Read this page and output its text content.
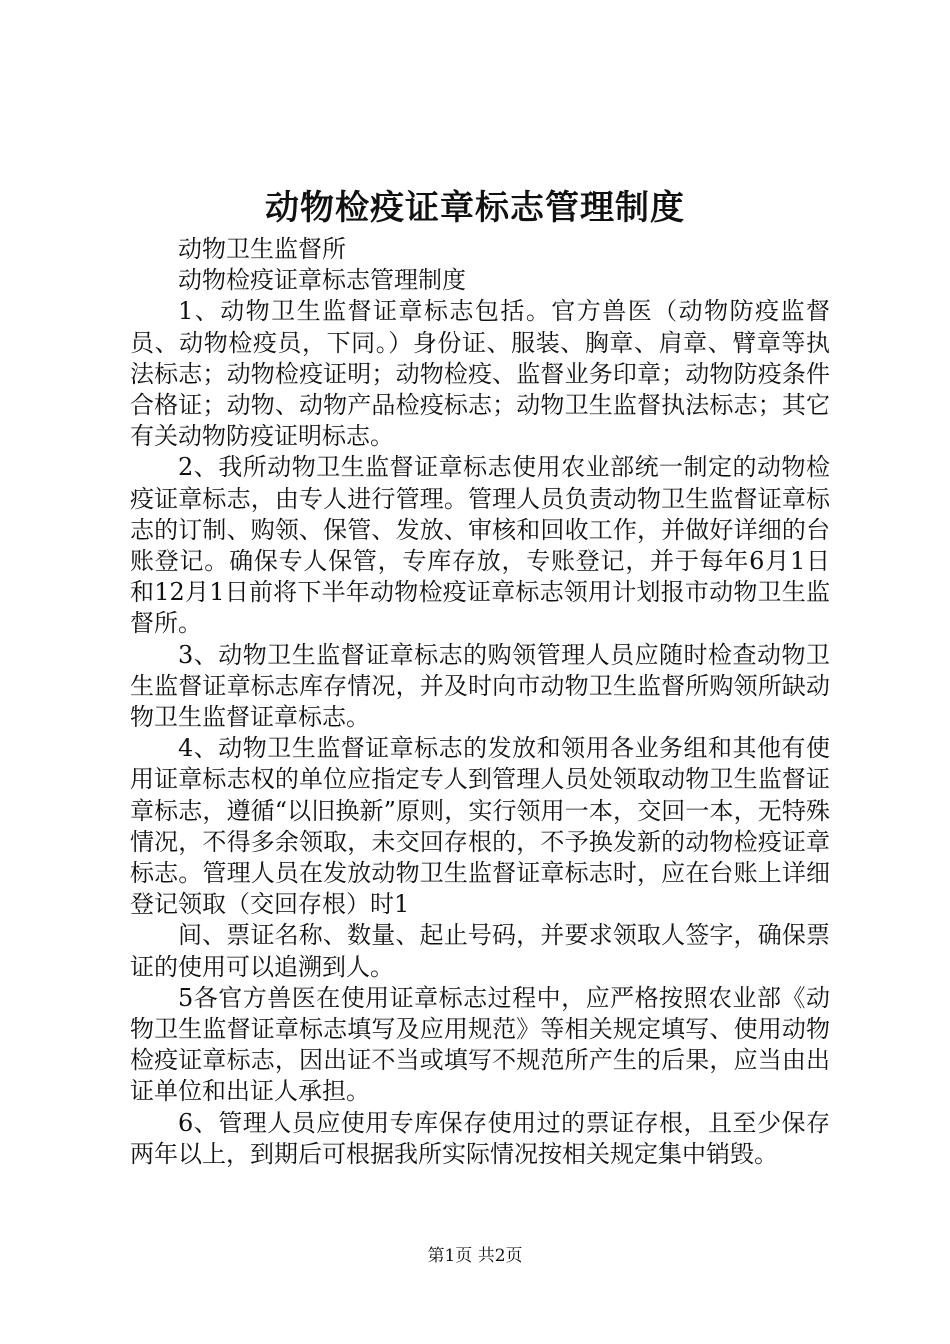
动物检疫证章标志管理制度

动物卫生监督所

动物检疫证章标志管理制度

1、动物卫生监督证章标志包括。官方兽医（动物防疫监督员、动物检疫员，下同。）身份证、服装、胸章、肩章、臂章等执法标志；动物检疫证明；动物检疫、监督业务印章；动物防疫条件合格证；动物、动物产品检疫标志；动物卫生监督执法标志；其它有关动物防疫证明标志。

2、我所动物卫生监督证章标志使用农业部统一制定的动物检疫证章标志，由专人进行管理。管理人员负责动物卫生监督证章标志的订制、购领、保管、发放、审核和回收工作，并做好详细的台账登记。确保专人保管，专库存放，专账登记，并于每年6月1日和12月1日前将下半年动物检疫证章标志领用计划报市动物卫生监督所。

3、动物卫生监督证章标志的购领管理人员应随时检查动物卫生监督证章标志库存情况，并及时向市动物卫生监督所购领所缺动物卫生监督证章标志。

4、动物卫生监督证章标志的发放和领用各业务组和其他有使用证章标志权的单位应指定专人到管理人员处领取动物卫生监督证章标志，遵循“以旧换新”原则，实行领用一本，交回一本，无特殊情况，不得多余领取，未交回存根的，不予换发新的动物检疫证章标志。管理人员在发放动物卫生监督证章标志时，应在台账上详细登记领取（交回存根）时1

间、票证名称、数量、起止号码，并要求领取人签字，确保票证的使用可以追溯到人。

5各官方兽医在使用证章标志过程中，应严格按照农业部《动物卫生监督证章标志填写及应用规范》等相关规定填写、使用动物检疫证章标志，因出证不当或填写不规范所产生的后果，应当由出证单位和出证人承担。

6、管理人员应使用专库保存使用过的票证存根，且至少保存两年以上，到期后可根据我所实际情况按相关规定集中销毁。

第1页 共2页
